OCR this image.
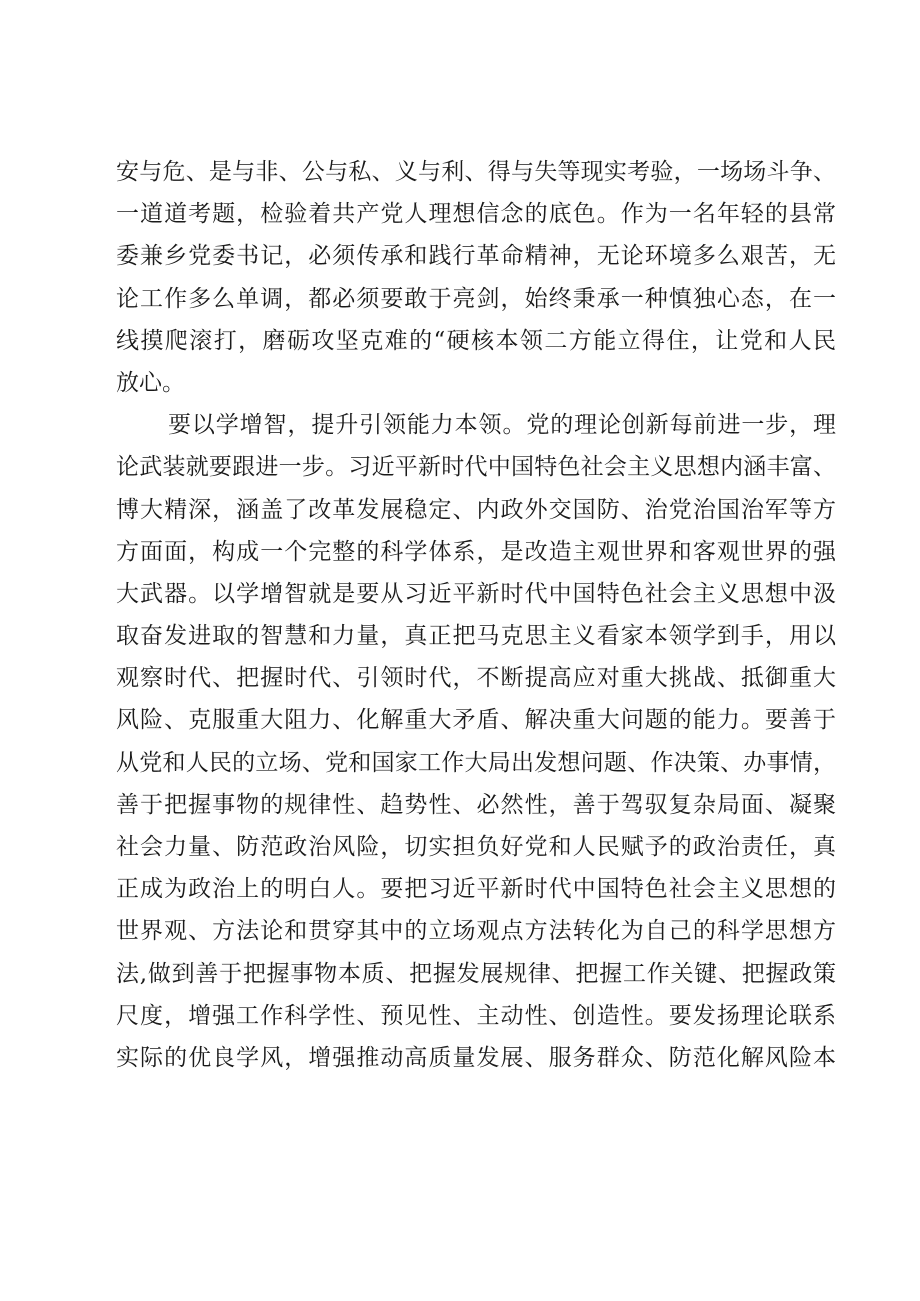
安与危、是与非、公与私、义与利、得与失等现实考验，一场场斗争、
一道道考题，检验着共产党人理想信念的底色。作为一名年轻的县常
委兼乡党委书记，必须传承和践行革命精神，无论环境多么艰苦，无
论工作多么单调，都必须要敢于亮剑，始终秉承一种慎独心态，在一
线摸爬滚打，磨砺攻坚克难的“硬核本领二方能立得住，让党和人民
放心。
要以学增智，提升引领能力本领。党的理论创新每前进一步，理
论武装就要跟进一步。习近平新时代中国特色社会主义思想内涵丰富、
博大精深，涵盖了改革发展稳定、内政外交国防、治党治国治军等方
方面面，构成一个完整的科学体系，是改造主观世界和客观世界的强
大武器。以学增智就是要从习近平新时代中国特色社会主义思想中汲
取奋发进取的智慧和力量，真正把马克思主义看家本领学到手，用以
观察时代、把握时代、引领时代，不断提高应对重大挑战、抵御重大
风险、克服重大阻力、化解重大矛盾、解决重大问题的能力。要善于
从党和人民的立场、党和国家工作大局出发想问题、作决策、办事情，
善于把握事物的规律性、趋势性、必然性，善于驾驭复杂局面、凝聚
社会力量、防范政治风险，切实担负好党和人民赋予的政治责任，真
正成为政治上的明白人。要把习近平新时代中国特色社会主义思想的
世界观、方法论和贯穿其中的立场观点方法转化为自己的科学思想方
法,做到善于把握事物本质、把握发展规律、把握工作关键、把握政策
尺度，增强工作科学性、预见性、主动性、创造性。要发扬理论联系
实际的优良学风，增强推动高质量发展、服务群众、防范化解风险本
